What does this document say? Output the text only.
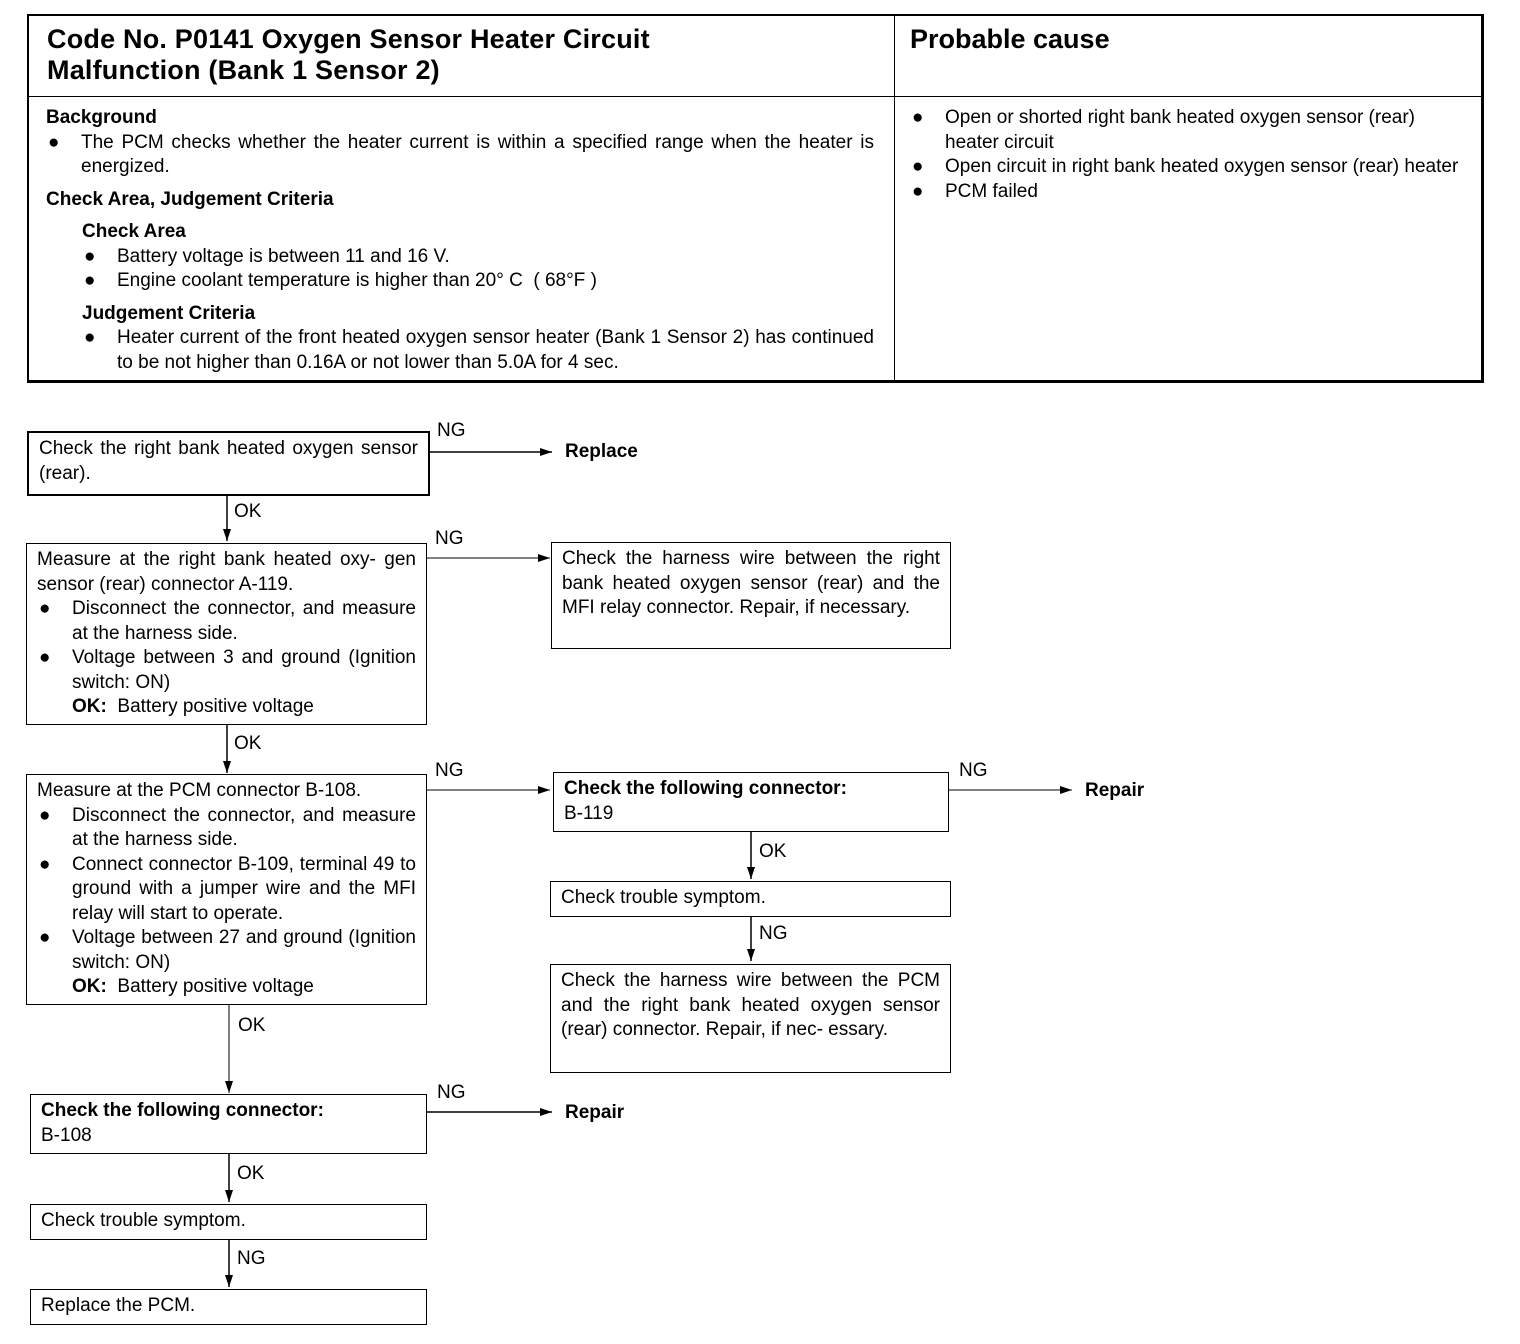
Code No. P0141 Oxygen Sensor Heater Circuit
Malfunction (Bank 1 Sensor 2)
Probable cause
Background
● The PCM checks whether the heater current is within a specified range when the heater is energized.
Check Area, Judgement Criteria
Check Area
● Battery voltage is between 11 and 16 V.
● Engine coolant temperature is higher than 20° C  ( 68°F )
Judgement Criteria
● Heater current of the front heated oxygen sensor heater (Bank 1 Sensor 2) has continued to be not higher than 0.16A or not lower than 5.0A for 4 sec.
● Open or shorted right bank heated oxygen sensor (rear) heater circuit
● Open circuit in right bank heated oxygen sensor (rear) heater
● PCM failed
Check the right bank heated oxygen sensor (rear).
NG
Replace
OK
Measure at the right bank heated oxy- gen sensor (rear) connector A-119.
● Disconnect the connector, and measure at the harness side.
● Voltage between 3 and ground (Ignition switch: ON)
OK: Battery positive voltage
NG
OK
Check the harness wire between the right bank heated oxygen sensor (rear) and the MFI relay connector. Repair, if necessary.
Measure at the PCM connector B-108.
● Disconnect the connector, and measure at the harness side.
● Connect connector B-109, terminal 49 to ground with a jumper wire and the MFI relay will start to operate.
● Voltage between 27 and ground (Ignition switch: ON)
OK: Battery positive voltage
NG
OK
Check the following connector:
B-119
NG
Repair
OK
Check trouble symptom.
NG
Check the harness wire between the PCM and the right bank heated oxygen sensor (rear) connector. Repair, if nec- essary.
Check the following connector:
B-108
NG
Repair
OK
Check trouble symptom.
NG
Replace the PCM.
